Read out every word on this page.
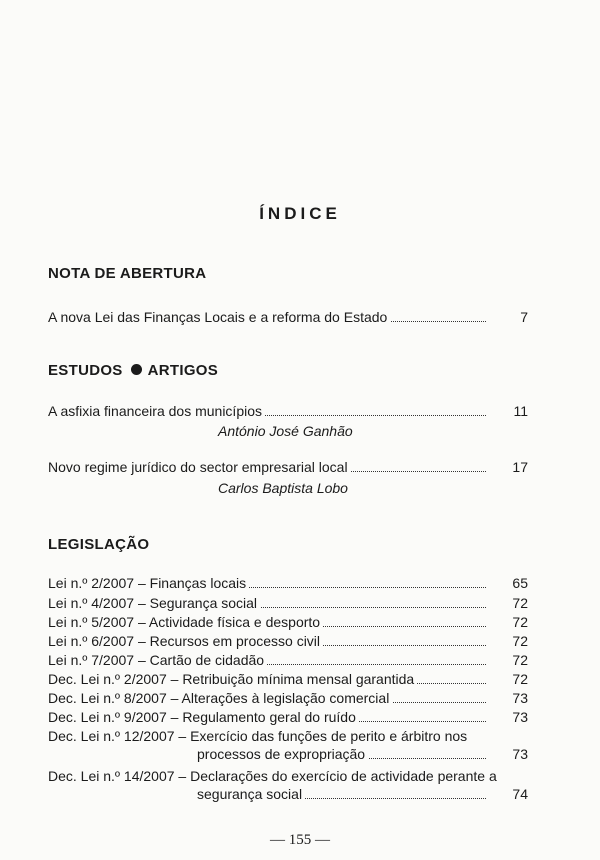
ÍNDICE
NOTA DE ABERTURA
A nova Lei das Finanças Locais e a reforma do Estado	7
ESTUDOS ARTIGOS
A asfixia financeira dos municípios	11
António José Ganhão
Novo regime jurídico do sector empresarial local	17
Carlos Baptista Lobo
LEGISLAÇÃO
Lei n.º 2/2007 – Finanças locais	65
Lei n.º 4/2007 – Segurança social	72
Lei n.º 5/2007 – Actividade física e desporto	72
Lei n.º 6/2007 – Recursos em processo civil	72
Lei n.º 7/2007 – Cartão de cidadão	72
Dec. Lei n.º 2/2007 – Retribuição mínima mensal garantida	72
Dec. Lei n.º 8/2007 – Alterações à legislação comercial	73
Dec. Lei n.º 9/2007 – Regulamento geral do ruído	73
Dec. Lei n.º 12/2007 – Exercício das funções de perito e árbitro nos
processos de expropriação	73
Dec. Lei n.º 14/2007 – Declarações do exercício de actividade perante a
segurança social	74
— 155 —
